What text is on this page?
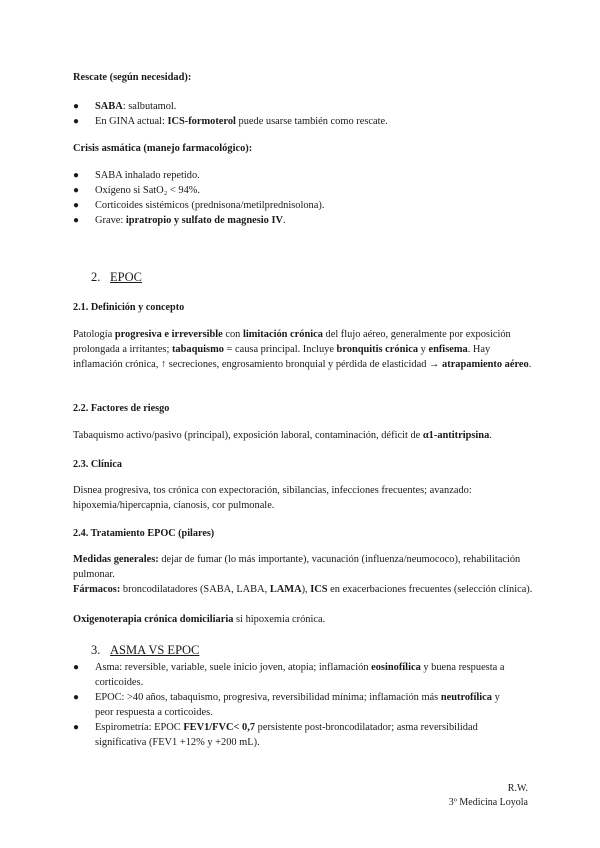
Rescate (según necesidad):
● SABA: salbutamol.
● En GINA actual: ICS-formoterol puede usarse también como rescate.
Crisis asmática (manejo farmacológico):
● SABA inhalado repetido.
● Oxígeno si SatO₂ < 94%.
● Corticoides sistémicos (prednisona/metilprednisolona).
● Grave: ipratropio y sulfato de magnesio IV.
2. EPOC
2.1. Definición y concepto
Patología progresiva e irreversible con limitación crónica del flujo aéreo, generalmente por exposición prolongada a irritantes; tabaquismo = causa principal. Incluye bronquitis crónica y enfisema. Hay inflamación crónica, ↑ secreciones, engrosamiento bronquial y pérdida de elasticidad → atrapamiento aéreo.
2.2. Factores de riesgo
Tabaquismo activo/pasivo (principal), exposición laboral, contaminación, déficit de α1-antitripsina.
2.3. Clínica
Disnea progresiva, tos crónica con expectoración, sibilancias, infecciones frecuentes; avanzado: hipoxemia/hipercapnia, cianosis, cor pulmonale.
2.4. Tratamiento EPOC (pilares)
Medidas generales: dejar de fumar (lo más importante), vacunación (influenza/neumococo), rehabilitación pulmonar.
Fármacos: broncodilatadores (SABA, LABA, LAMA), ICS en exacerbaciones frecuentes (selección clínica).
Oxigenoterapia crónica domiciliaria si hipoxemia crónica.
3. ASMA VS EPOC
● Asma: reversible, variable, suele inicio joven, atopia; inflamación eosinofílica y buena respuesta a corticoides.
● EPOC: >40 años, tabaquismo, progresiva, reversibilidad mínima; inflamación más neutrofílica y peor respuesta a corticoides.
● Espirometría: EPOC FEV1/FVC< 0,7 persistente post-broncodilatador; asma reversibilidad significativa (FEV1 +12% y +200 mL).
R.W.
3º Medicina Loyola
